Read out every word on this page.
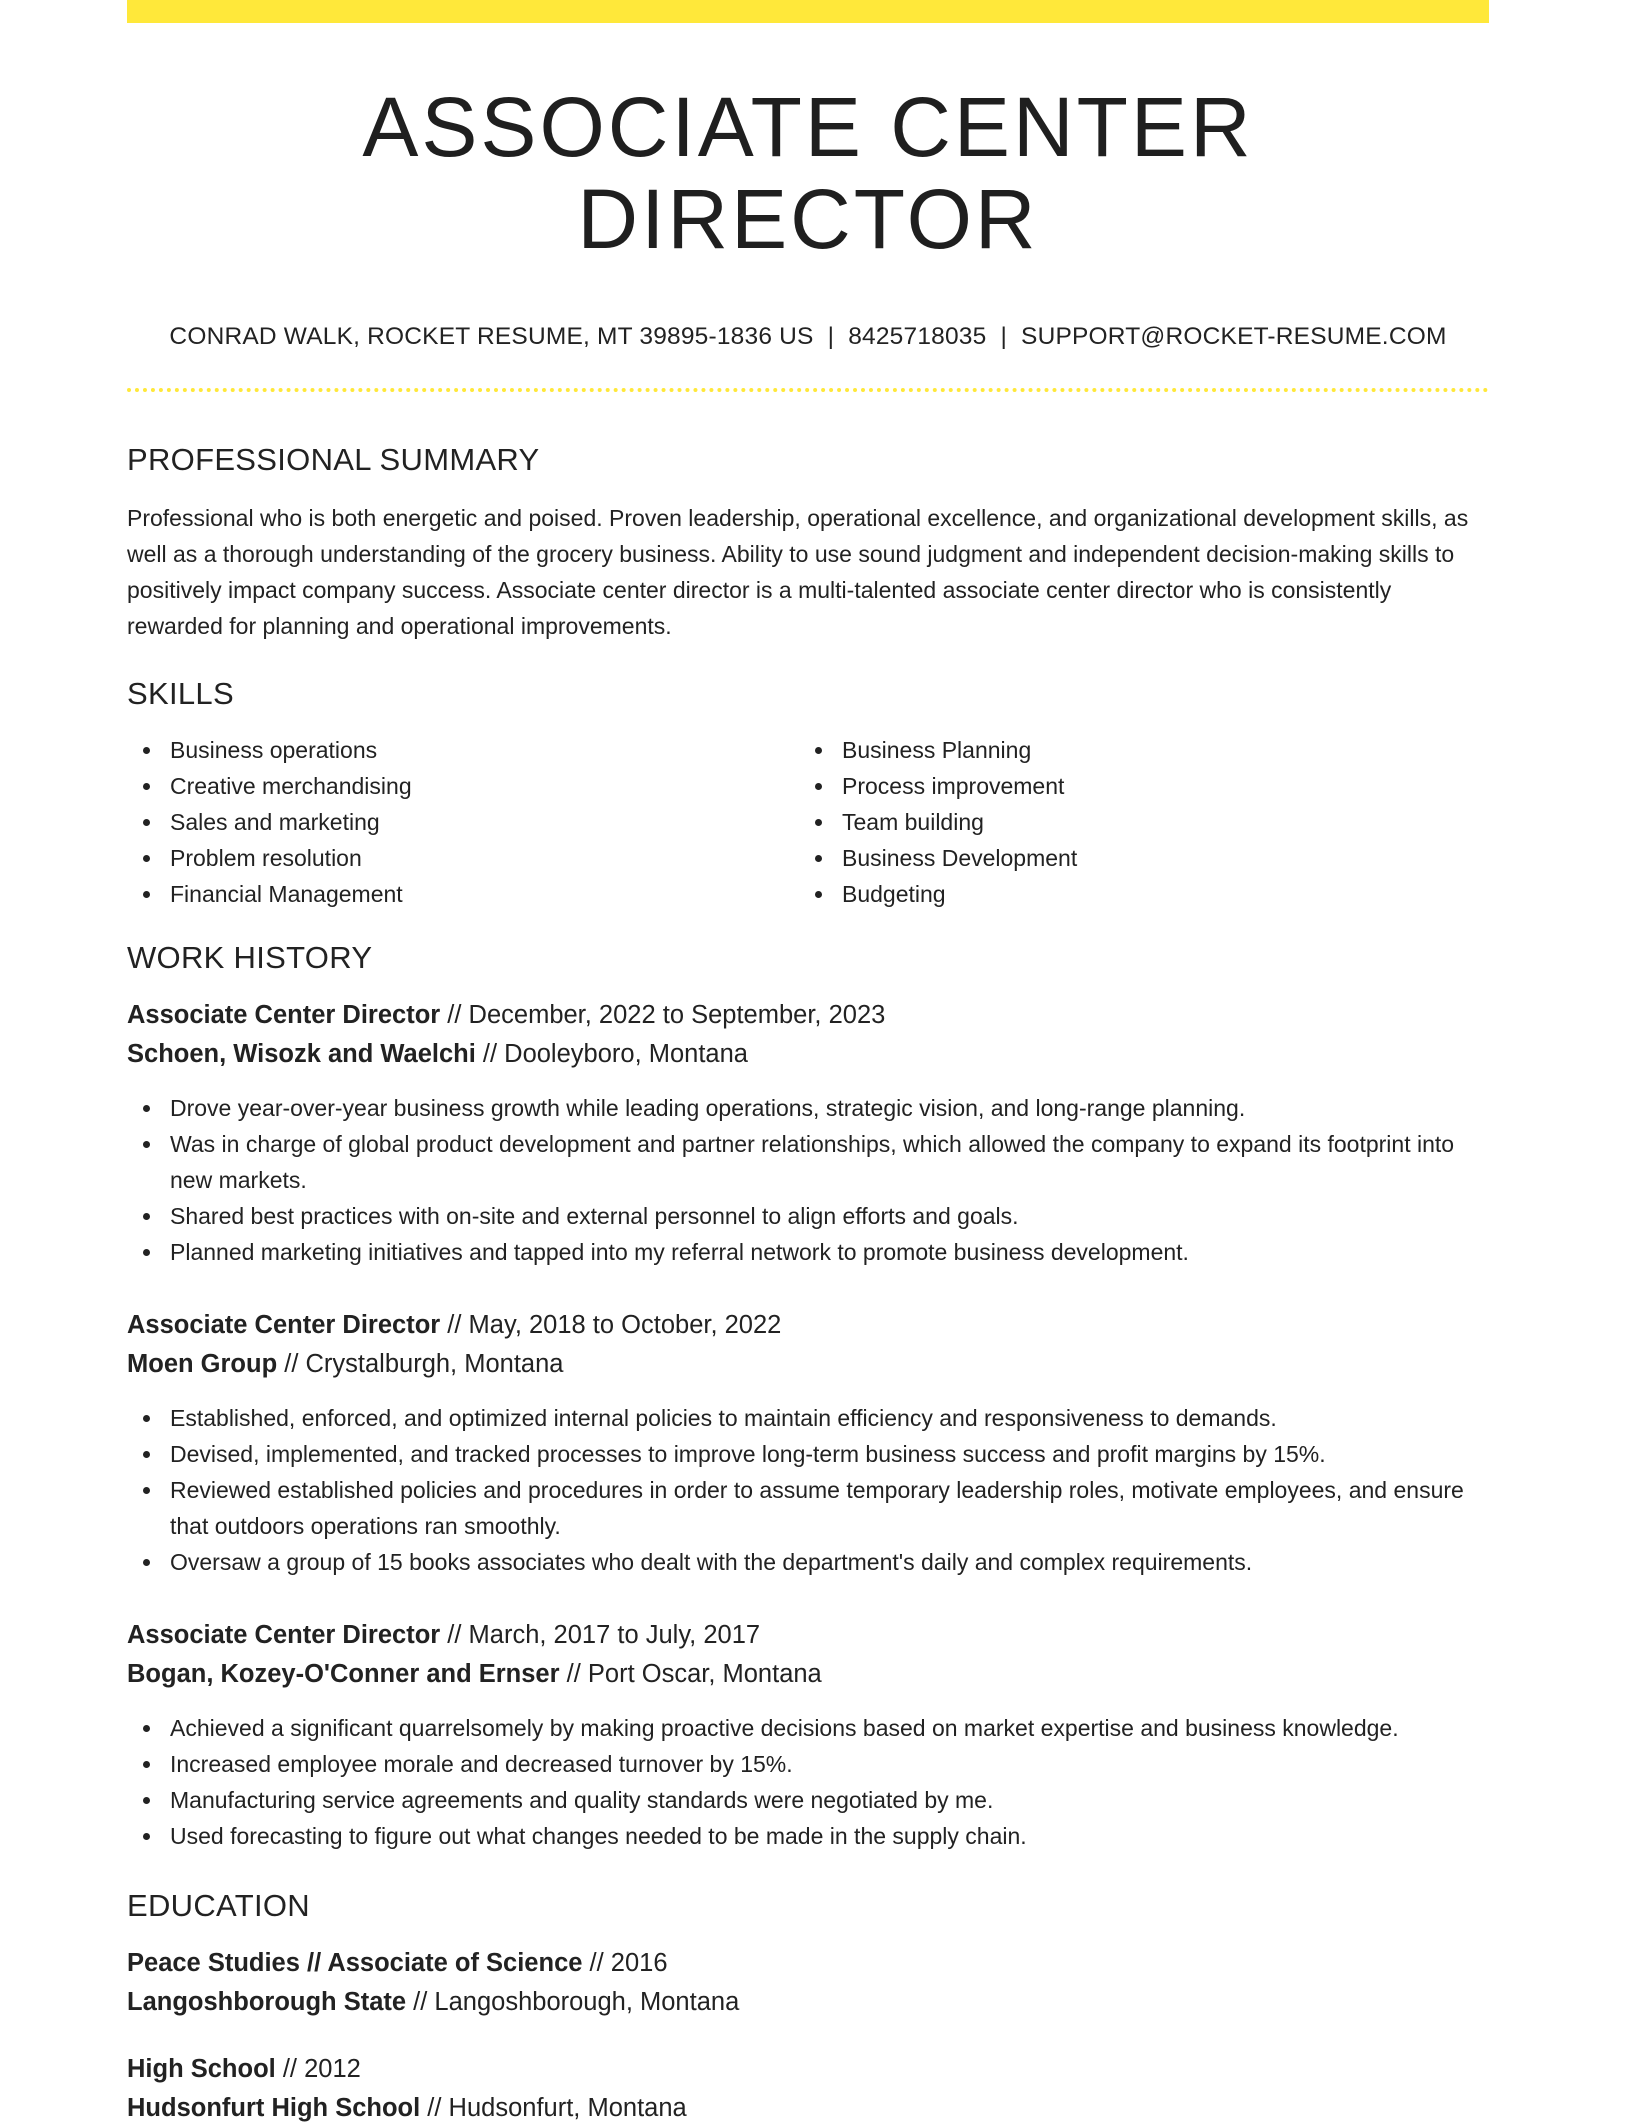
ASSOCIATE CENTER DIRECTOR
CONRAD WALK, ROCKET RESUME, MT 39895-1836 US | 8425718035 | SUPPORT@ROCKET-RESUME.COM
PROFESSIONAL SUMMARY

Professional who is both energetic and poised. Proven leadership, operational excellence, and organizational development skills, as well as a thorough understanding of the grocery business. Ability to use sound judgment and independent decision-making skills to positively impact company success. Associate center director is a multi-talented associate center director who is consistently rewarded for planning and operational improvements.

SKILLS
Business operations
Creative merchandising
Sales and marketing
Problem resolution
Financial Management
Business Planning
Process improvement
Team building
Business Development
Budgeting
WORK HISTORY
Associate Center Director // December, 2022 to September, 2023
Schoen, Wisozk and Waelchi // Dooleyboro, Montana
Drove year-over-year business growth while leading operations, strategic vision, and long-range planning.
Was in charge of global product development and partner relationships, which allowed the company to expand its footprint into new markets.
Shared best practices with on-site and external personnel to align efforts and goals.
Planned marketing initiatives and tapped into my referral network to promote business development.
Associate Center Director // May, 2018 to October, 2022
Moen Group // Crystalburgh, Montana
Established, enforced, and optimized internal policies to maintain efficiency and responsiveness to demands.
Devised, implemented, and tracked processes to improve long-term business success and profit margins by 15%.
Reviewed established policies and procedures in order to assume temporary leadership roles, motivate employees, and ensure that outdoors operations ran smoothly.
Oversaw a group of 15 books associates who dealt with the department's daily and complex requirements.
Associate Center Director // March, 2017 to July, 2017
Bogan, Kozey-O'Conner and Ernser // Port Oscar, Montana
Achieved a significant quarrelsomely by making proactive decisions based on market expertise and business knowledge.
Increased employee morale and decreased turnover by 15%.
Manufacturing service agreements and quality standards were negotiated by me.
Used forecasting to figure out what changes needed to be made in the supply chain.
EDUCATION
Peace Studies // Associate of Science // 2016
Langoshborough State // Langoshborough, Montana
High School // 2012
Hudsonfurt High School // Hudsonfurt, Montana
